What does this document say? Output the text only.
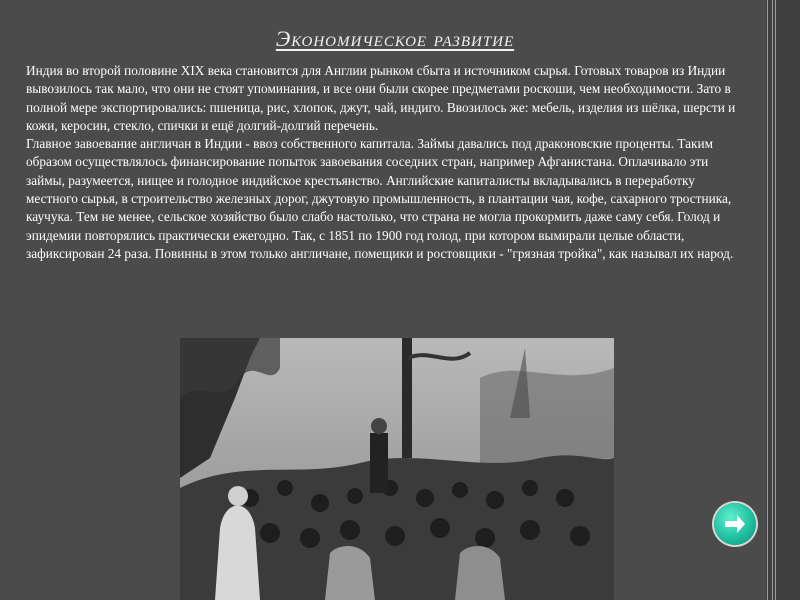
Экономическое развитие

Индия во второй половине XIX века становится для Англии рынком сбыта и источником сырья. Готовых товаров из Индии вывозилось так мало, что они не стоят упоминания, и все они были скорее предметами роскоши, чем необходимости. Зато в полной мере экспортировались: пшеница, рис, хлопок, джут, чай, индиго. Ввозилось же: мебель, изделия из шёлка, шерсти и кожи, керосин, стекло, спички и ещё долгий-долгий перечень.

Главное завоевание англичан в Индии - ввоз собственного капитала. Займы давались под драконовские проценты. Таким образом осуществлялось финансирование попыток завоевания соседних стран, например Афганистана. Оплачивало эти займы, разумеется, нищее и голодное индийское крестьянство. Английские капиталисты вкладывались в переработку местного сырья, в строительство железных дорог, джутовую промышленность, в плантации чая, кофе, сахарного тростника, каучука. Тем не менее, сельское хозяйство было слабо настолько, что страна не могла прокормить даже саму себя. Голод и эпидемии повторялись практически ежегодно. Так, с 1851 по 1900 год голод, при котором вымирали целые области, зафиксирован 24 раза. Повинны в этом только англичане, помещики и ростовщики - "грязная тройка", как называл их народ.
